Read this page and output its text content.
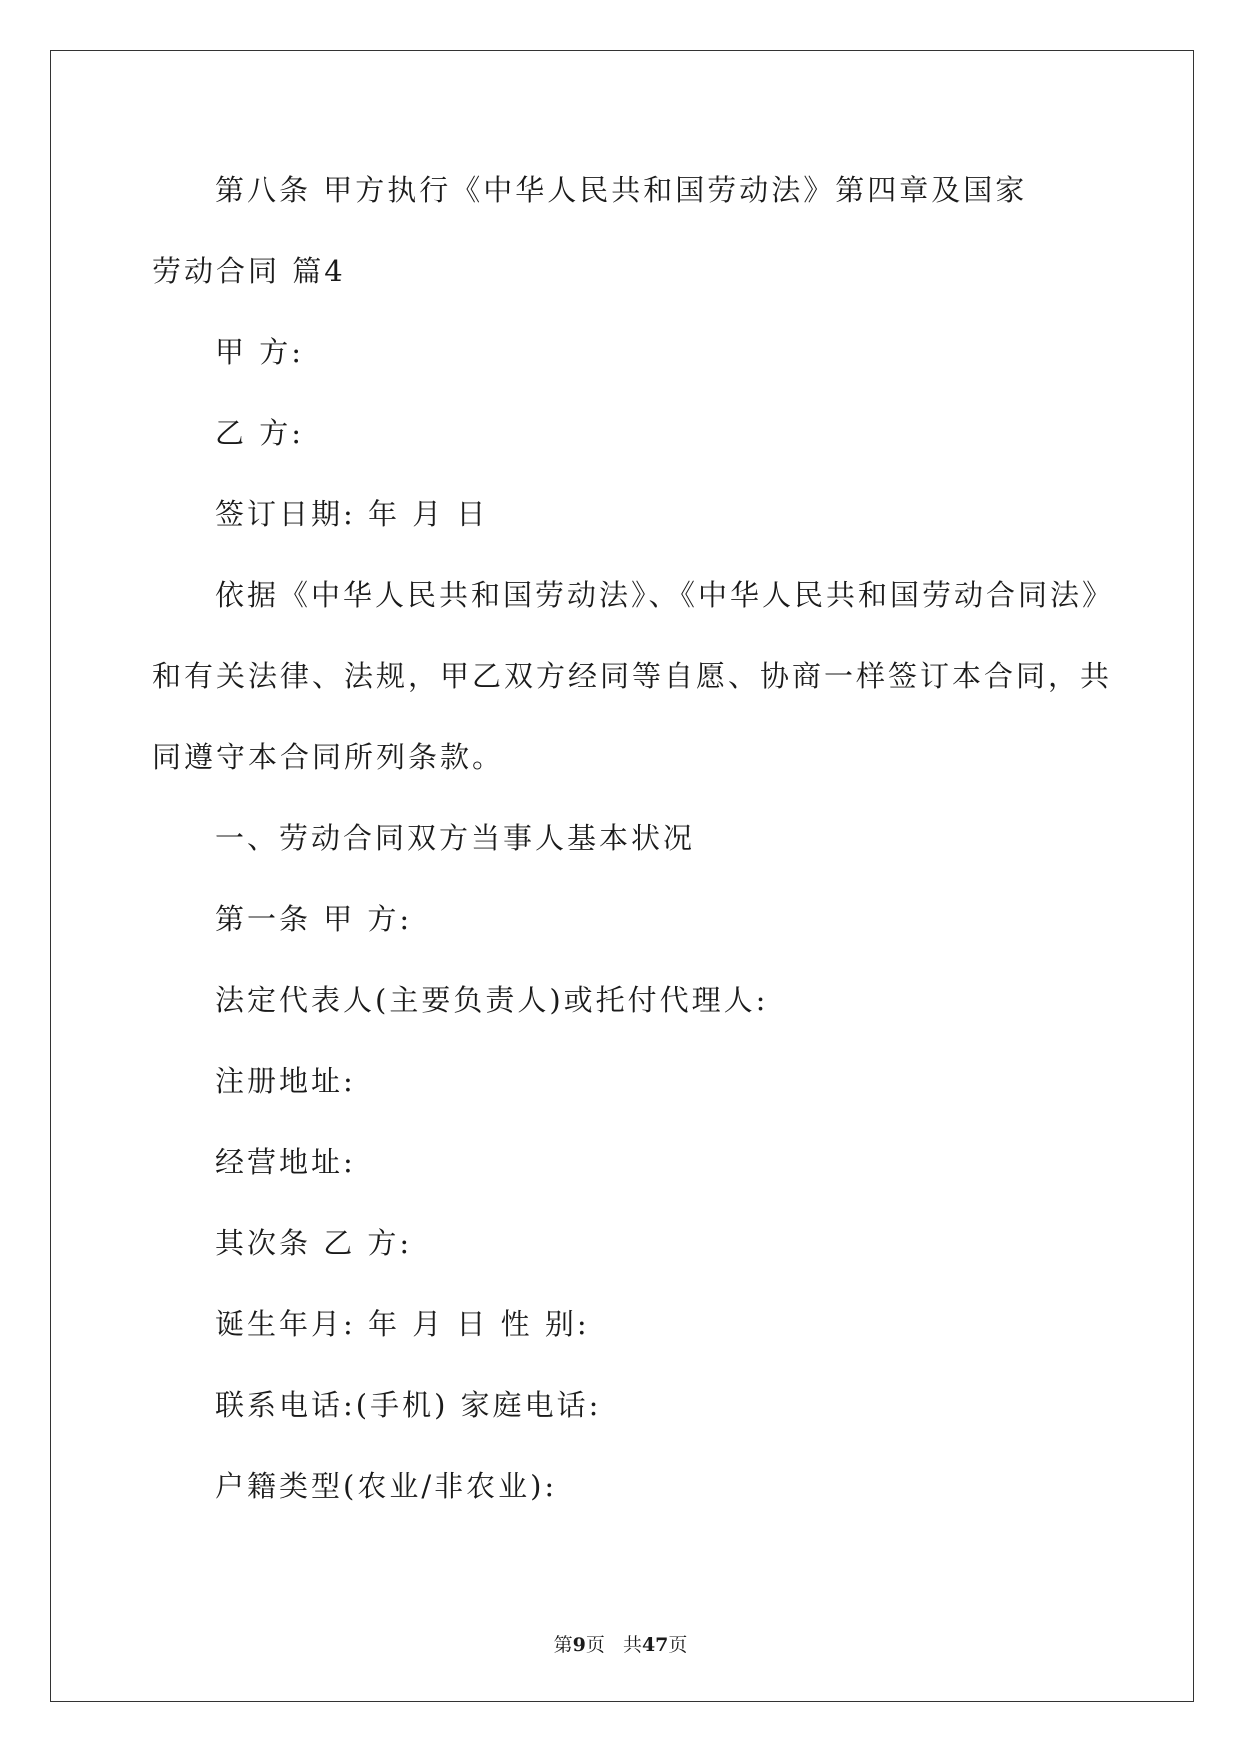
第八条 甲方执行《中华人民共和国劳动法》第四章及国家
劳动合同 篇4
甲 方:
乙 方:
签订日期: 年 月 日
依据《中华人民共和国劳动法》、《中华人民共和国劳动合同法》
和有关法律、法规，甲乙双方经同等自愿、协商一样签订本合同，共
同遵守本合同所列条款。
一、劳动合同双方当事人基本状况
第一条 甲 方:
法定代表人(主要负责人)或托付代理人:
注册地址:
经营地址:
其次条 乙 方:
诞生年月: 年 月 日 性 别:
联系电话:(手机) 家庭电话:
户籍类型(农业/非农业):
第9页   共47页
